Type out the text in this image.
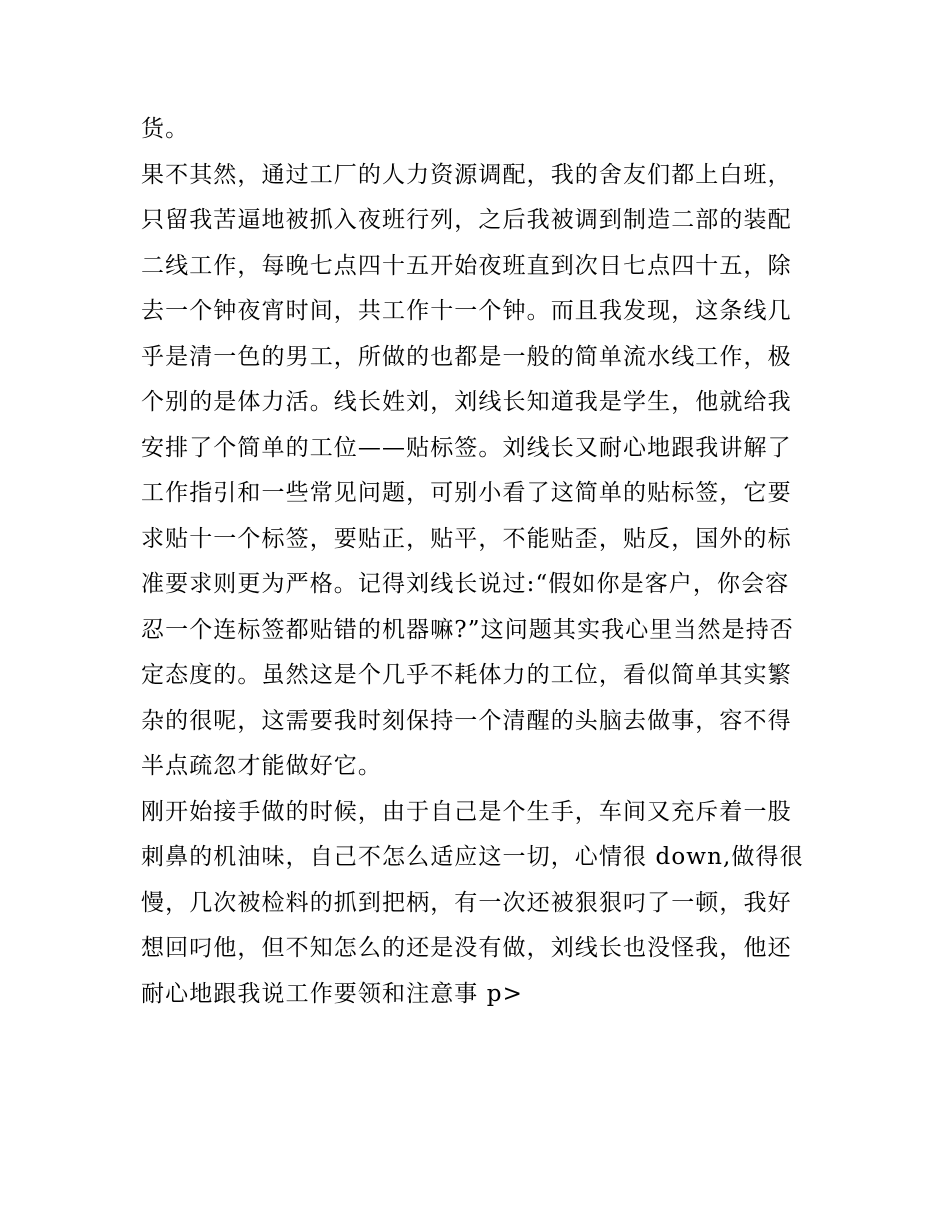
货。
果不其然，通过工厂的人力资源调配，我的舍友们都上白班，
只留我苦逼地被抓入夜班行列，之后我被调到制造二部的装配
二线工作，每晚七点四十五开始夜班直到次日七点四十五，除
去一个钟夜宵时间，共工作十一个钟。而且我发现，这条线几
乎是清一色的男工，所做的也都是一般的简单流水线工作，极
个别的是体力活。线长姓刘，刘线长知道我是学生，他就给我
安排了个简单的工位——贴标签。刘线长又耐心地跟我讲解了
工作指引和一些常见问题，可别小看了这简单的贴标签，它要
求贴十一个标签，要贴正，贴平，不能贴歪，贴反，国外的标
准要求则更为严格。记得刘线长说过:“假如你是客户，你会容
忍一个连标签都贴错的机器嘛?”这问题其实我心里当然是持否
定态度的。虽然这是个几乎不耗体力的工位，看似简单其实繁
杂的很呢，这需要我时刻保持一个清醒的头脑去做事，容不得
半点疏忽才能做好它。
刚开始接手做的时候，由于自己是个生手，车间又充斥着一股
刺鼻的机油味，自己不怎么适应这一切，心情很 down,做得很
慢，几次被检料的抓到把柄，有一次还被狠狠叼了一顿，我好
想回叼他，但不知怎么的还是没有做，刘线长也没怪我，他还
耐心地跟我说工作要领和注意事 p>
